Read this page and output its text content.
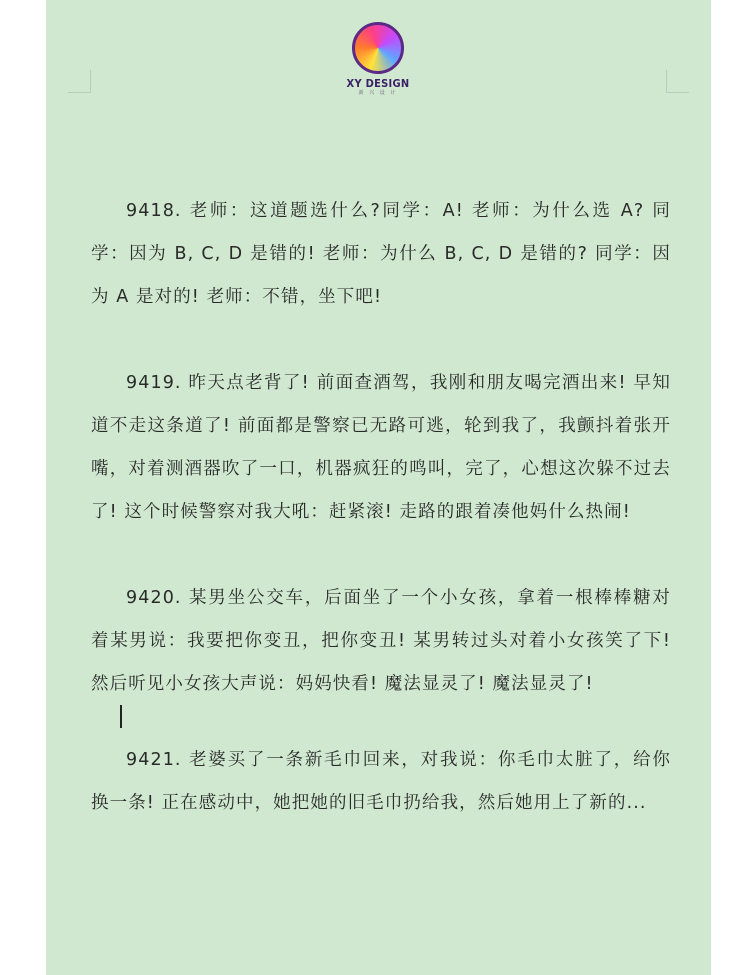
XY DESIGN
新 兴 设 计

9418. 老师：这道题选什么?同学：A! 老师：为什么选 A? 同学：因为 B, C, D 是错的! 老师：为什么 B, C, D 是错的? 同学：因为 A 是对的! 老师：不错，坐下吧!

9419. 昨天点老背了! 前面查酒驾，我刚和朋友喝完酒出来! 早知道不走这条道了! 前面都是警察已无路可逃，轮到我了，我颤抖着张开嘴，对着测酒器吹了一口，机器疯狂的鸣叫，完了，心想这次躲不过去了! 这个时候警察对我大吼：赶紧滚! 走路的跟着凑他妈什么热闹!

9420. 某男坐公交车，后面坐了一个小女孩，拿着一根棒棒糖对着某男说：我要把你变丑，把你变丑! 某男转过头对着小女孩笑了下! 然后听见小女孩大声说：妈妈快看! 魔法显灵了! 魔法显灵了!

9421. 老婆买了一条新毛巾回来，对我说：你毛巾太脏了，给你换一条! 正在感动中，她把她的旧毛巾扔给我，然后她用上了新的...
